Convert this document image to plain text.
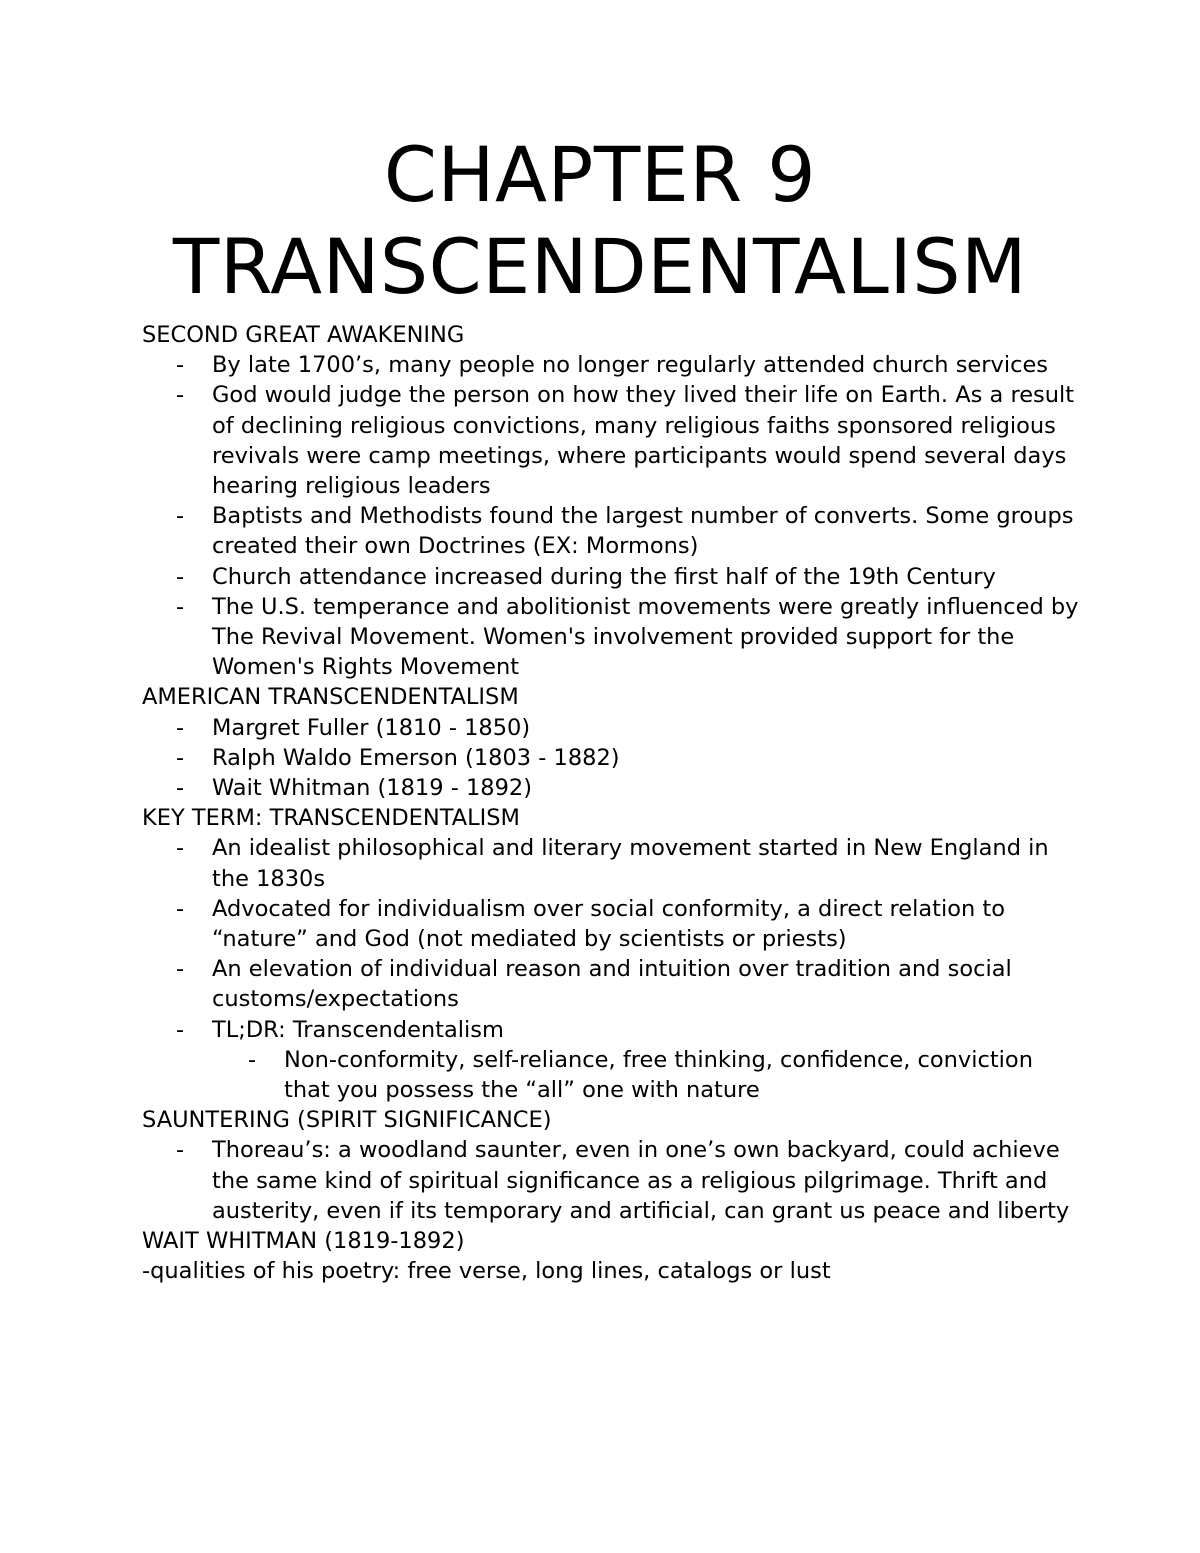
CHAPTER 9
TRANSCENDENTALISM

SECOND GREAT AWAKENING

- By late 1700’s, many people no longer regularly attended church services
- God would judge the person on how they lived their life on Earth. As a result of declining religious convictions, many religious faiths sponsored religious revivals were camp meetings, where participants would spend several days hearing religious leaders
- Baptists and Methodists found the largest number of converts. Some groups created their own Doctrines (EX: Mormons)
- Church attendance increased during the first half of the 19th Century
- The U.S. temperance and abolitionist movements were greatly influenced by The Revival Movement. Women's involvement provided support for the Women's Rights Movement

AMERICAN TRANSCENDENTALISM

- Margret Fuller (1810 - 1850)
- Ralph Waldo Emerson (1803 - 1882)
- Wait Whitman (1819 - 1892)

KEY TERM: TRANSCENDENTALISM

- An idealist philosophical and literary movement started in New England in the 1830s
- Advocated for individualism over social conformity, a direct relation to “nature” and God (not mediated by scientists or priests)
- An elevation of individual reason and intuition over tradition and social customs/expectations
- TL;DR: Transcendentalism
- Non-conformity, self-reliance, free thinking, confidence, conviction that you possess the “all” one with nature

SAUNTERING (SPIRIT SIGNIFICANCE)

- Thoreau’s: a woodland saunter, even in one’s own backyard, could achieve the same kind of spiritual significance as a religious pilgrimage. Thrift and austerity, even if its temporary and artificial, can grant us peace and liberty

WAIT WHITMAN (1819-1892)

-qualities of his poetry: free verse, long lines, catalogs or lust
